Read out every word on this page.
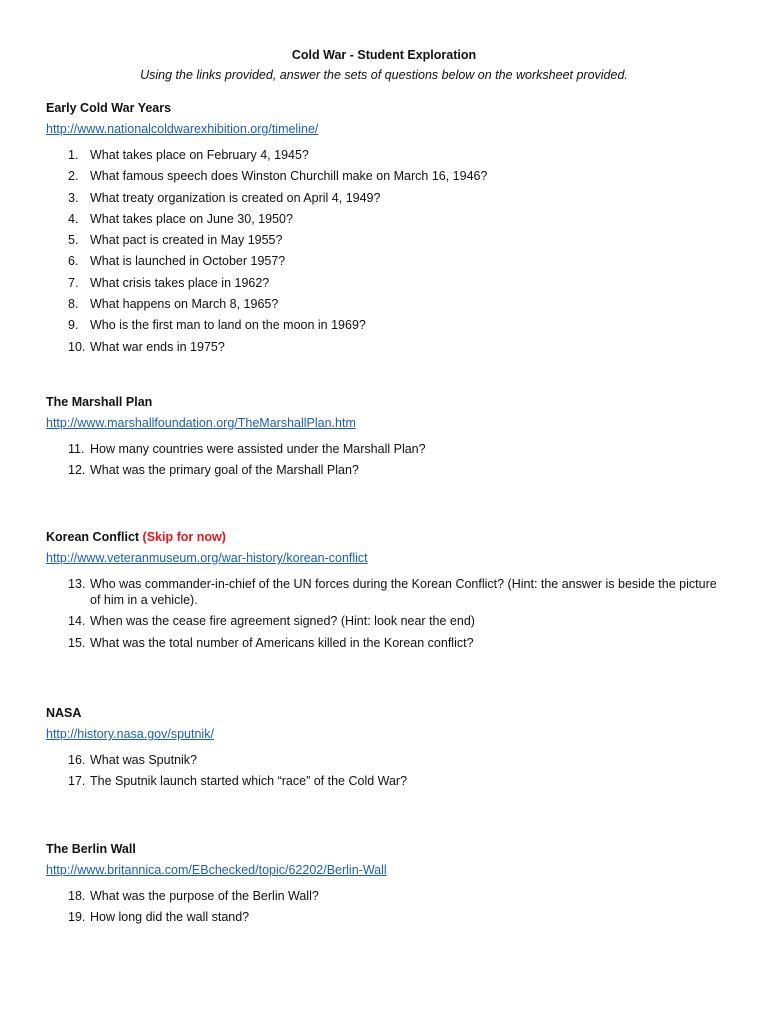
Cold War - Student Exploration
Using the links provided, answer the sets of questions below on the worksheet provided.
Early Cold War Years
http://www.nationalcoldwarexhibition.org/timeline/
1. What takes place on February 4, 1945?
2. What famous speech does Winston Churchill make on March 16, 1946?
3. What treaty organization is created on April 4, 1949?
4. What takes place on June 30, 1950?
5. What pact is created in May 1955?
6. What is launched in October 1957?
7. What crisis takes place in 1962?
8. What happens on March 8, 1965?
9. Who is the first man to land on the moon in 1969?
10. What war ends in 1975?
The Marshall Plan
http://www.marshallfoundation.org/TheMarshallPlan.htm
11. How many countries were assisted under the Marshall Plan?
12. What was the primary goal of the Marshall Plan?
Korean Conflict (Skip for now)
http://www.veteranmuseum.org/war-history/korean-conflict
13. Who was commander-in-chief of the UN forces during the Korean Conflict? (Hint: the answer is beside the picture of him in a vehicle).
14. When was the cease fire agreement signed? (Hint: look near the end)
15. What was the total number of Americans killed in the Korean conflict?
NASA
http://history.nasa.gov/sputnik/
16. What was Sputnik?
17. The Sputnik launch started which “race” of the Cold War?
The Berlin Wall
http://www.britannica.com/EBchecked/topic/62202/Berlin-Wall
18. What was the purpose of the Berlin Wall?
19. How long did the wall stand?
